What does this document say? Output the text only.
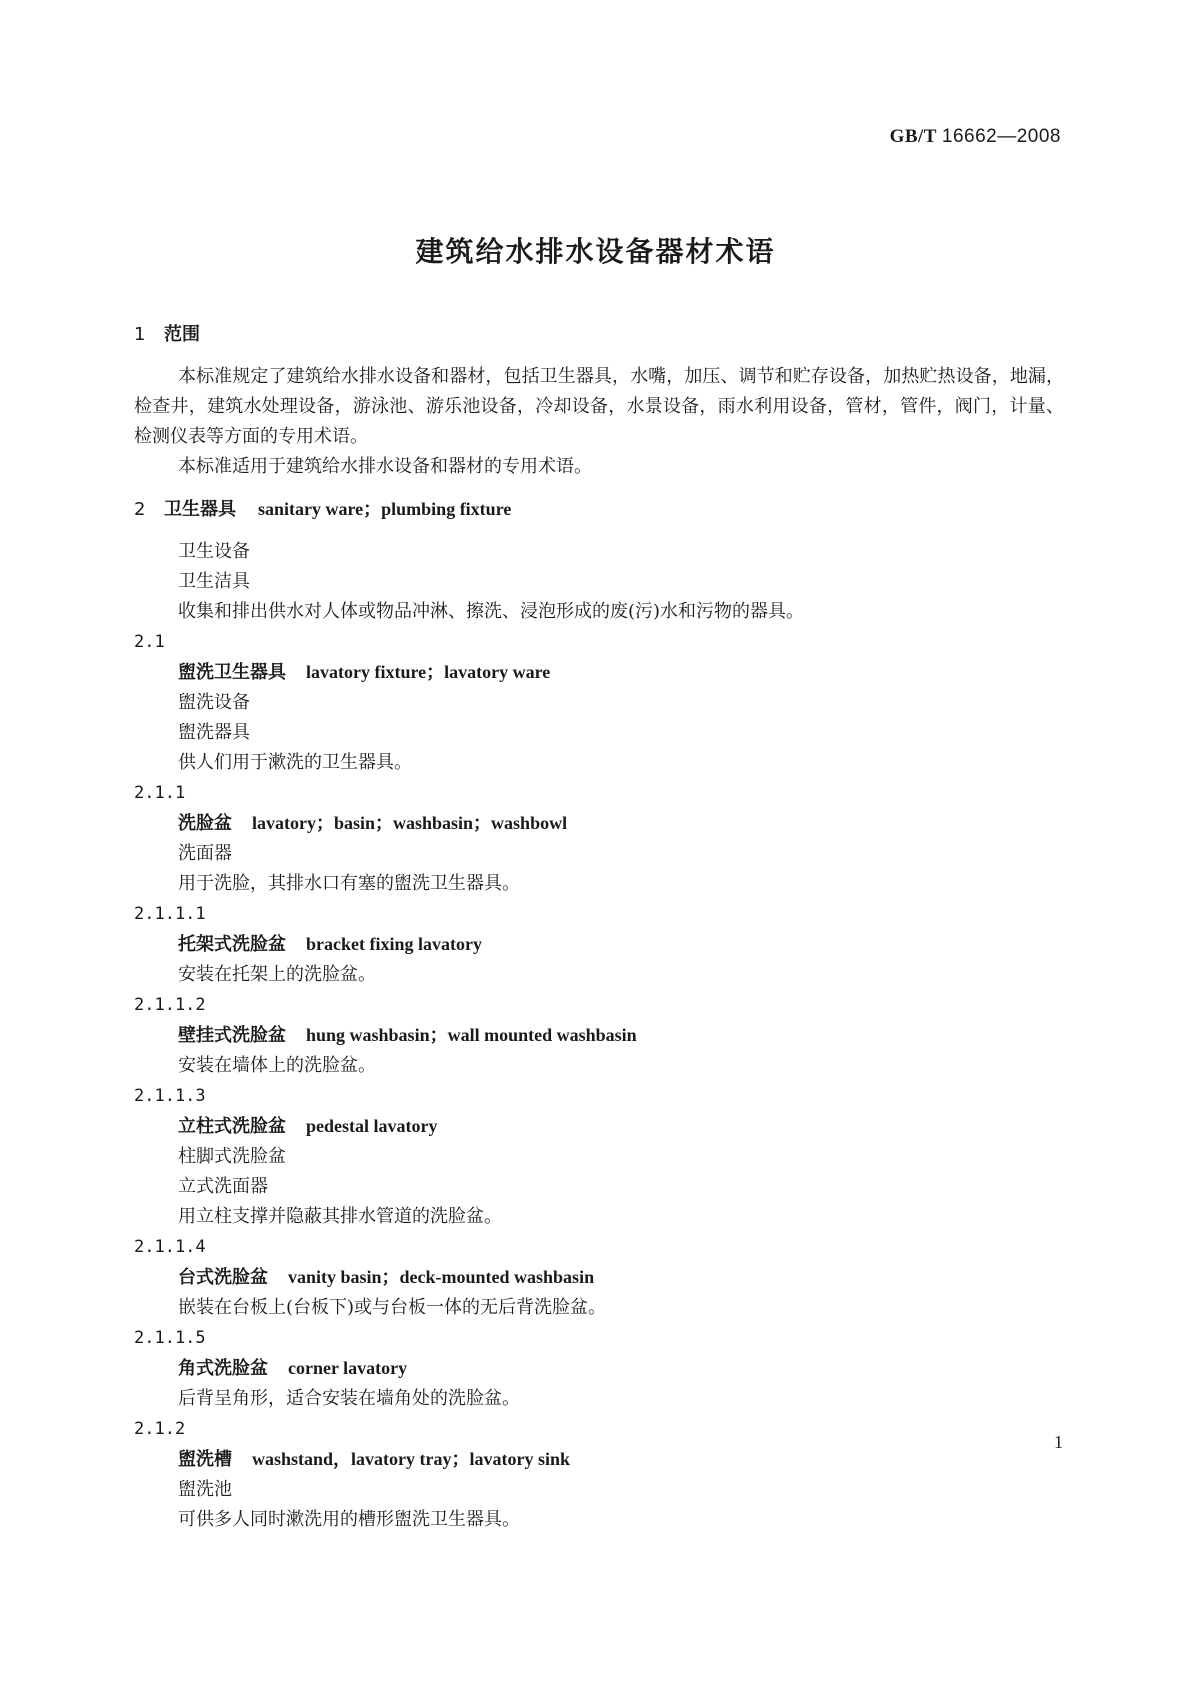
GB/T 16662—2008
建筑给水排水设备器材术语
1 范围

本标准规定了建筑给水排水设备和器材，包括卫生器具，水嘴，加压、调节和贮存设备，加热贮热设备，地漏，检查井，建筑水处理设备，游泳池、游乐池设备，冷却设备，水景设备，雨水利用设备，管材，管件，阀门，计量、检测仪表等方面的专用术语。

本标准适用于建筑给水排水设备和器材的专用术语。

2 卫生器具 sanitary ware；plumbing fixture
卫生设备
卫生洁具
收集和排出供水对人体或物品冲淋、擦洗、浸泡形成的废(污)水和污物的器具。
2.1
盥洗卫生器具 lavatory fixture；lavatory ware
盥洗设备
盥洗器具
供人们用于漱洗的卫生器具。
2.1.1
洗脸盆 lavatory；basin；washbasin；washbowl
洗面器
用于洗脸，其排水口有塞的盥洗卫生器具。
2.1.1.1
托架式洗脸盆 bracket fixing lavatory
安装在托架上的洗脸盆。
2.1.1.2
壁挂式洗脸盆 hung washbasin；wall mounted washbasin
安装在墙体上的洗脸盆。
2.1.1.3
立柱式洗脸盆 pedestal lavatory
柱脚式洗脸盆
立式洗面器
用立柱支撑并隐蔽其排水管道的洗脸盆。
2.1.1.4
台式洗脸盆 vanity basin；deck-mounted washbasin
嵌装在台板上(台板下)或与台板一体的无后背洗脸盆。
2.1.1.5
角式洗脸盆 corner lavatory
后背呈角形，适合安装在墙角处的洗脸盆。
2.1.2
盥洗槽 washstand，lavatory tray；lavatory sink
盥洗池
可供多人同时漱洗用的槽形盥洗卫生器具。
1
